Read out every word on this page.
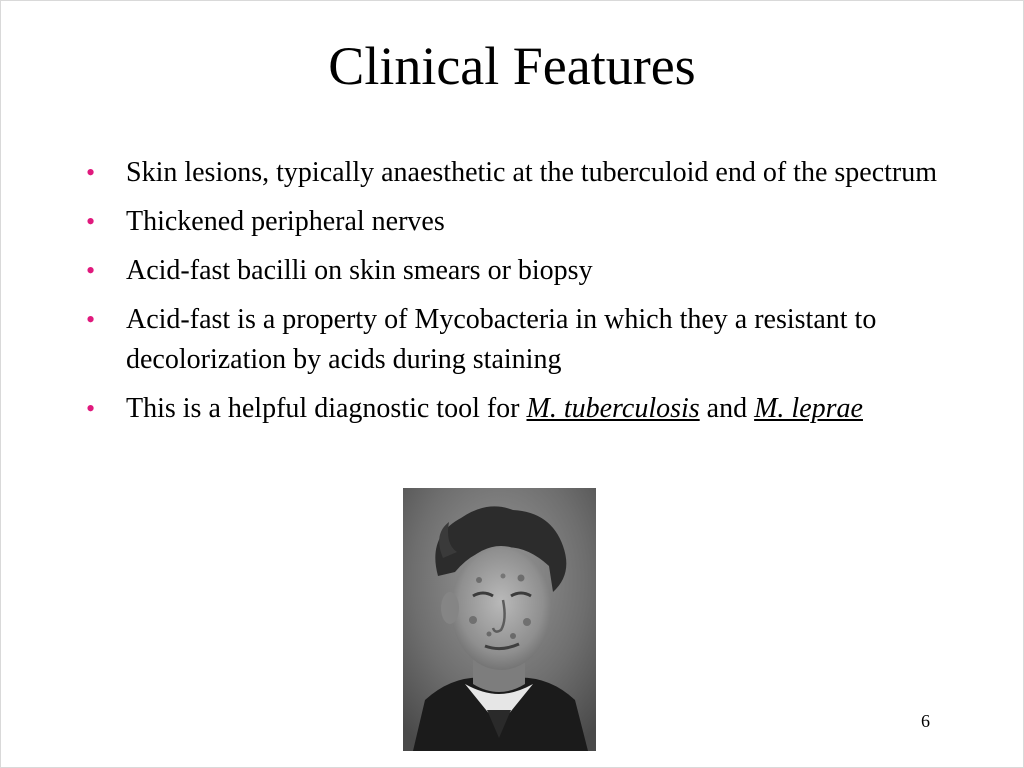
Clinical Features
• Skin lesions, typically anaesthetic at the tuberculoid end of the spectrum
• Thickened peripheral nerves
• Acid-fast bacilli on skin smears or biopsy
• Acid-fast is a property of Mycobacteria in which they a resistant to decolorization by acids during staining
• This is a helpful diagnostic tool for M. tuberculosis and M. leprae
6
